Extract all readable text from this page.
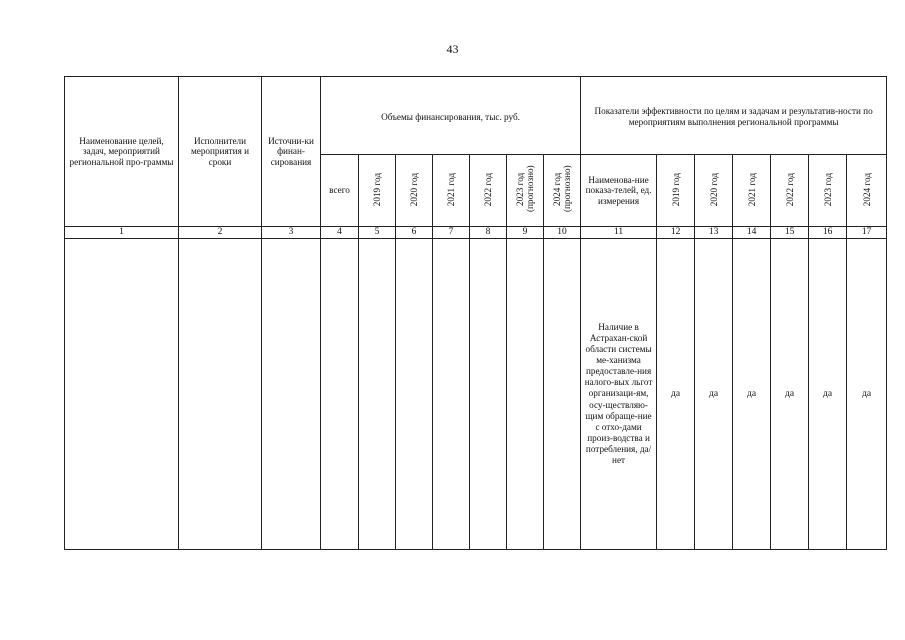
43
Наименование целей, задач, мероприятий региональной про-граммы	Исполнители мероприятия и сроки	Источни-ки финан-сирования	Объемы финансирования, тыс. руб.							Показатели эффективности по целям и задачам и результатив-ности по мероприятиям выполнения региональной программы						
			всего	2019 год	2020 год	2021 год	2022 год	2023 год (прогнозно)	2024 год (прогнозно)	Наименова-ние показа-телей, ед. измерения	2019 год	2020 год	2021 год	2022 год	2023 год	2024 год
1	2	3	4	5	6	7	8	9	10	11	12	13	14	15	16	17
										Наличие в Астрахан-ской области системы ме-ханизма предоставле-ния налого-вых льгот организаци-ям, осу-ществляю-щим обраще-ние с отхо-дами произ-водства и потребления, да/нет	да	да	да	да	да	да
